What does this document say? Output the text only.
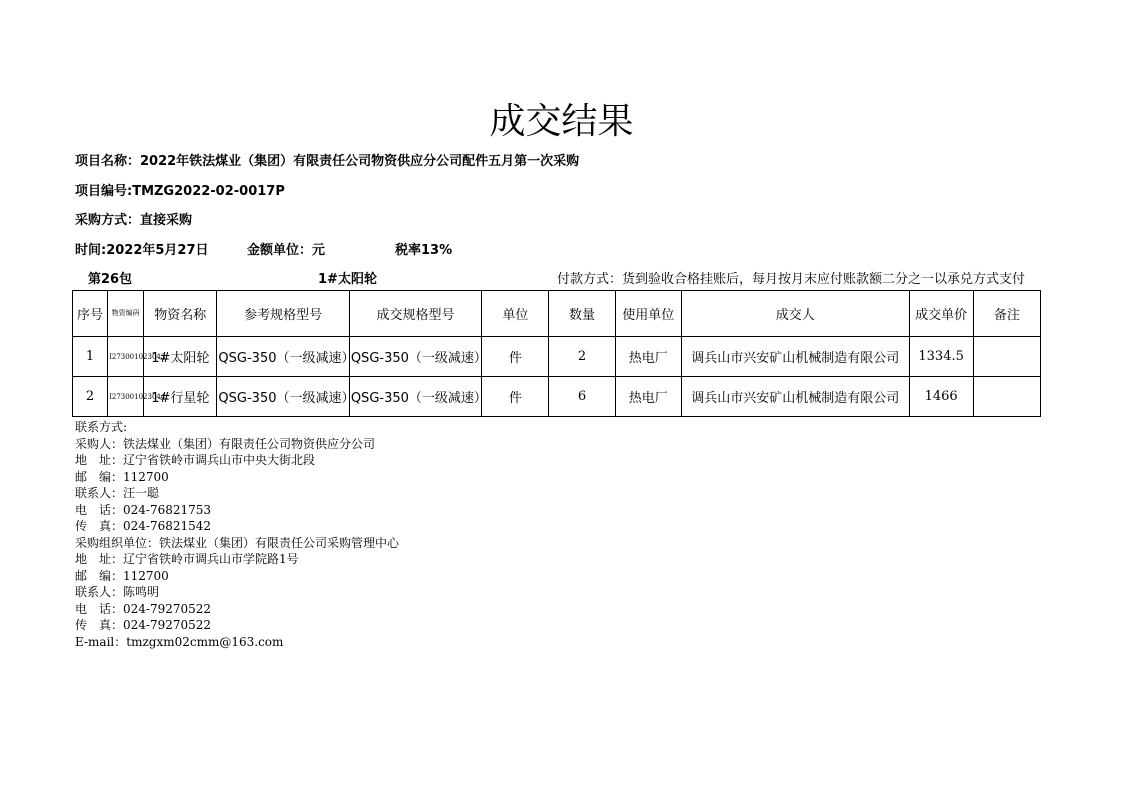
成交结果
项目名称：2022年铁法煤业（集团）有限责任公司物资供应分公司配件五月第一次采购
项目编号:TMZG2022-02-0017P
采购方式：直接采购
时间:2022年5月27日	金额单位：元	税率13%
第26包	1#太阳轮	付款方式：货到验收合格挂账后，每月按月末应付账款额二分之一以承兑方式支付
序号	物资编码	物资名称	参考规格型号	成交规格型号	单位	数量	使用单位	成交人	成交单价	备注
1	I273001023043	1#太阳轮	QSG-350（一级减速）	QSG-350（一级减速）	件	2	热电厂	调兵山市兴安矿山机械制造有限公司	1334.5	
2	I273001023044	1#行星轮	QSG-350（一级减速）	QSG-350（一级减速）	件	6	热电厂	调兵山市兴安矿山机械制造有限公司	1466	
联系方式:
采购人：铁法煤业（集团）有限责任公司物资供应分公司
地　址：辽宁省铁岭市调兵山市中央大街北段
邮　编：112700
联系人：汪一聪
电　话：024-76821753
传　真：024-76821542
采购组织单位：铁法煤业（集团）有限责任公司采购管理中心
地　址：辽宁省铁岭市调兵山市学院路1号
邮　编：112700
联系人：陈鸣明
电　话：024-79270522
传　真：024-79270522
E-mail：tmzgxm02cmm@163.com
